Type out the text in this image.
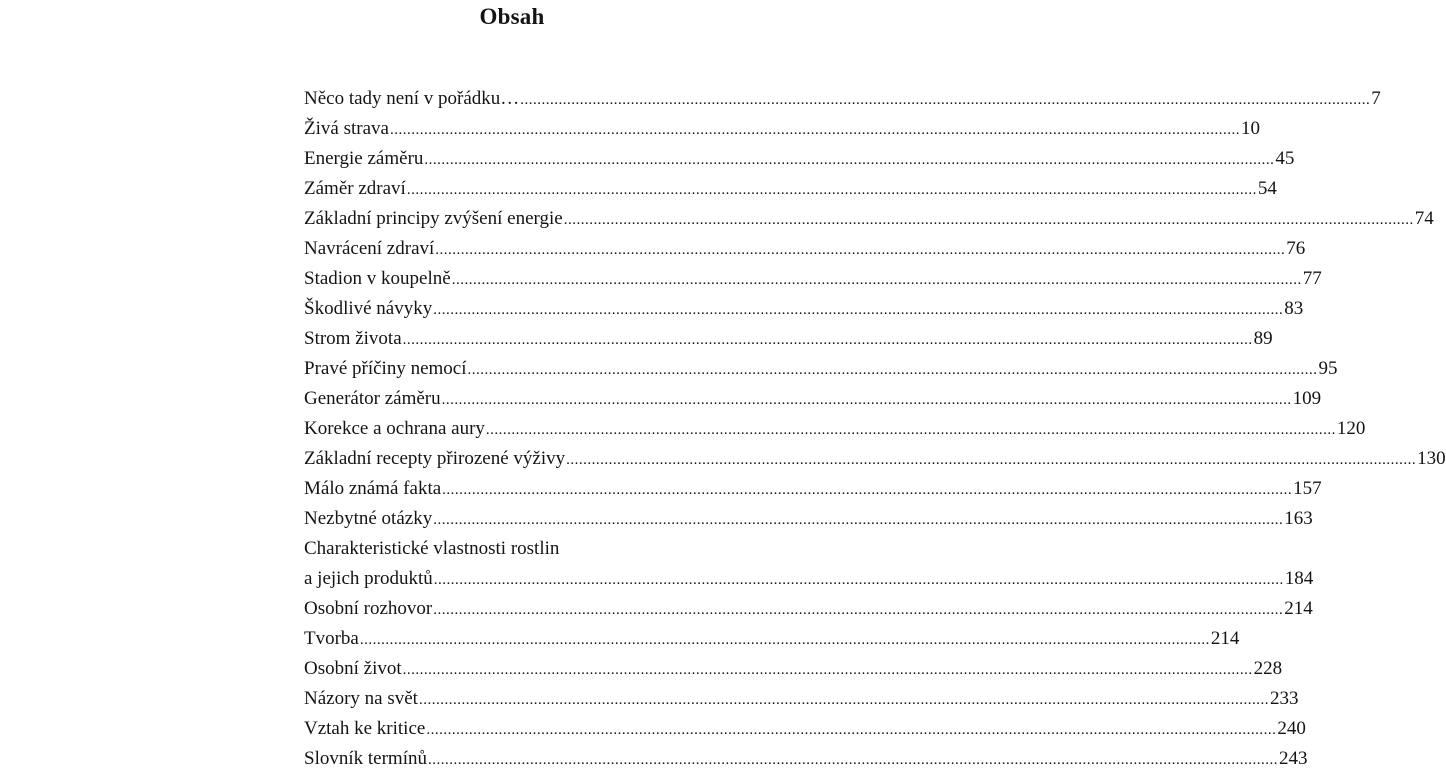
Obsah
Něco tady není v pořádku… ........................................................................................................................................................................................................ 7
Živá strava ........................................................................................................................................................................................................ 10
Energie záměru ........................................................................................................................................................................................................ 45
Záměr zdraví ........................................................................................................................................................................................................ 54
Základní principy zvýšení energie ........................................................................................................................................................................................................ 74
Navrácení zdraví ........................................................................................................................................................................................................ 76
Stadion v koupelně ........................................................................................................................................................................................................ 77
Škodlivé návyky ........................................................................................................................................................................................................ 83
Strom života ........................................................................................................................................................................................................ 89
Pravé příčiny nemocí ........................................................................................................................................................................................................ 95
Generátor záměru ........................................................................................................................................................................................................ 109
Korekce a ochrana aury ........................................................................................................................................................................................................ 120
Základní recepty přirozené výživy ........................................................................................................................................................................................................ 130
Málo známá fakta ........................................................................................................................................................................................................ 157
Nezbytné otázky ........................................................................................................................................................................................................ 163
Charakteristické vlastnosti rostlin
a jejich produktů ........................................................................................................................................................................................................ 184
Osobní rozhovor ........................................................................................................................................................................................................ 214
Tvorba ........................................................................................................................................................................................................ 214
Osobní život ........................................................................................................................................................................................................ 228
Názory na svět ........................................................................................................................................................................................................ 233
Vztah ke kritice ........................................................................................................................................................................................................ 240
Slovník termínů ........................................................................................................................................................................................................ 243
